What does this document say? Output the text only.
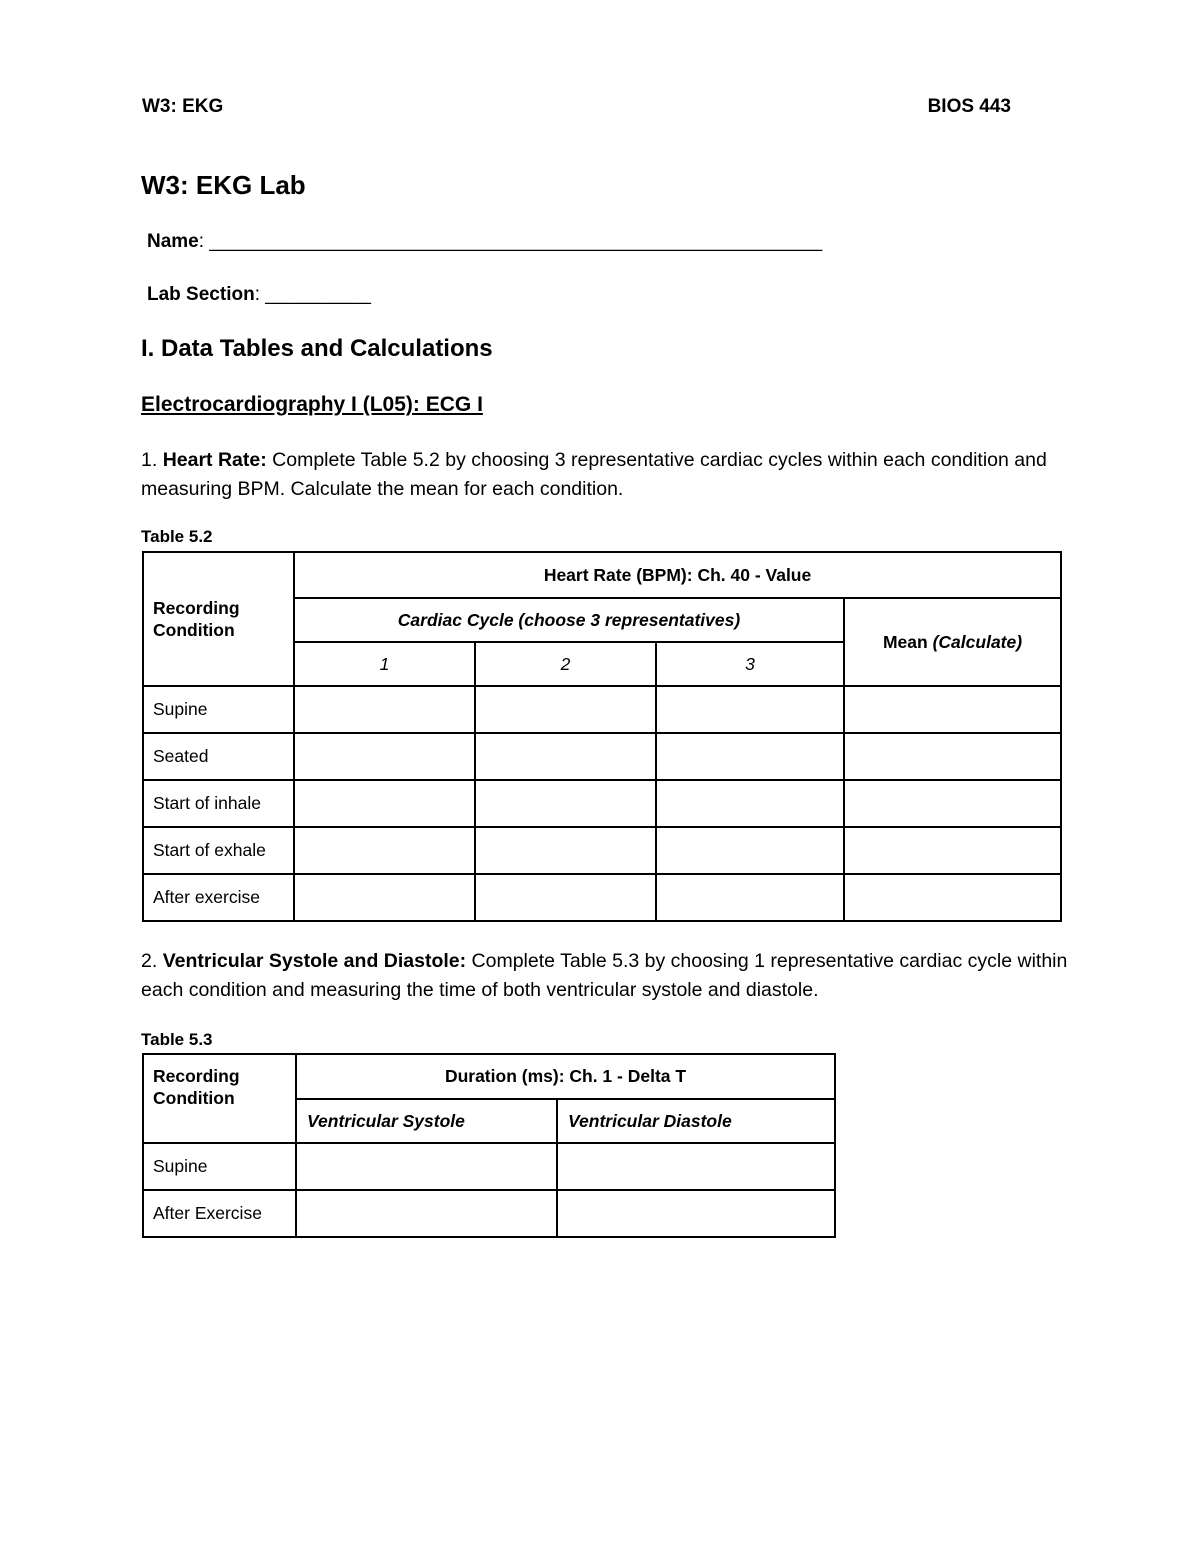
W3: EKG	BIOS 443
W3: EKG Lab
Name: __________________________________________________________
Lab Section: __________
I. Data Tables and Calculations
Electrocardiography I (L05): ECG I
1. Heart Rate: Complete Table 5.2 by choosing 3 representative cardiac cycles within each condition and measuring BPM. Calculate the mean for each condition.
Table 5.2
Recording Condition	Heart Rate (BPM): Ch. 40 - Value			
	Cardiac Cycle (choose 3 representatives)			Mean (Calculate)
	1	2	3	
Supine				
Seated				
Start of inhale				
Start of exhale				
After exercise				
2. Ventricular Systole and Diastole: Complete Table 5.3 by choosing 1 representative cardiac cycle within each condition and measuring the time of both ventricular systole and diastole.
Table 5.3
Recording Condition	Duration (ms): Ch. 1 - Delta T	
	Ventricular Systole	Ventricular Diastole
Supine		
After Exercise		
